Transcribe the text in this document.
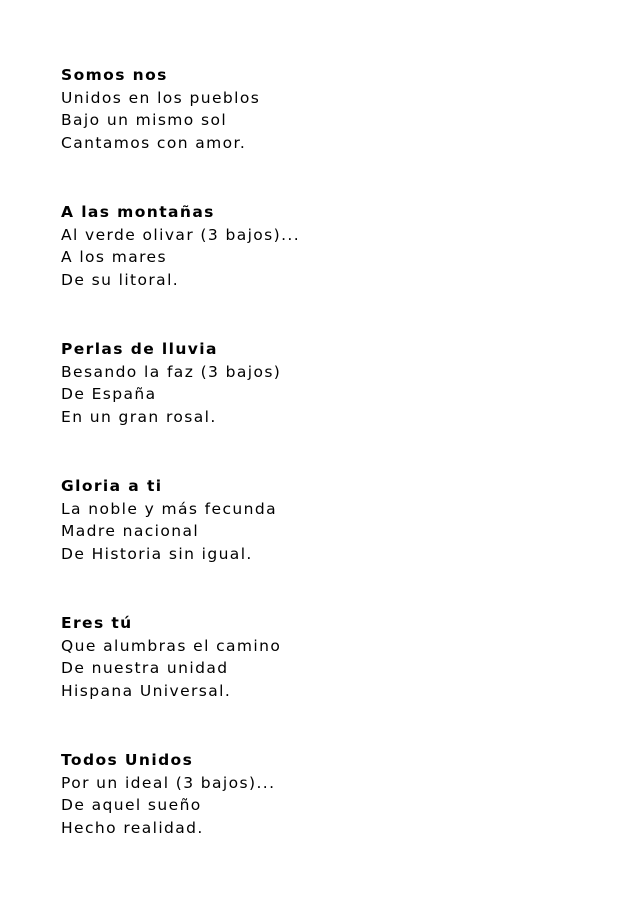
Somos nos
Unidos en los pueblos
Bajo un mismo sol
Cantamos con amor.
A las montañas
Al verde olivar (3 bajos)...
A los mares
De su litoral.
Perlas de lluvia
Besando la faz (3 bajos)
De España
En un gran rosal.
Gloria a ti
La noble y más fecunda
Madre nacional
De Historia sin igual.
Eres tú
Que alumbras el camino
De nuestra unidad
Hispana Universal.
Todos Unidos
Por un ideal (3 bajos)...
De aquel sueño
Hecho realidad.
